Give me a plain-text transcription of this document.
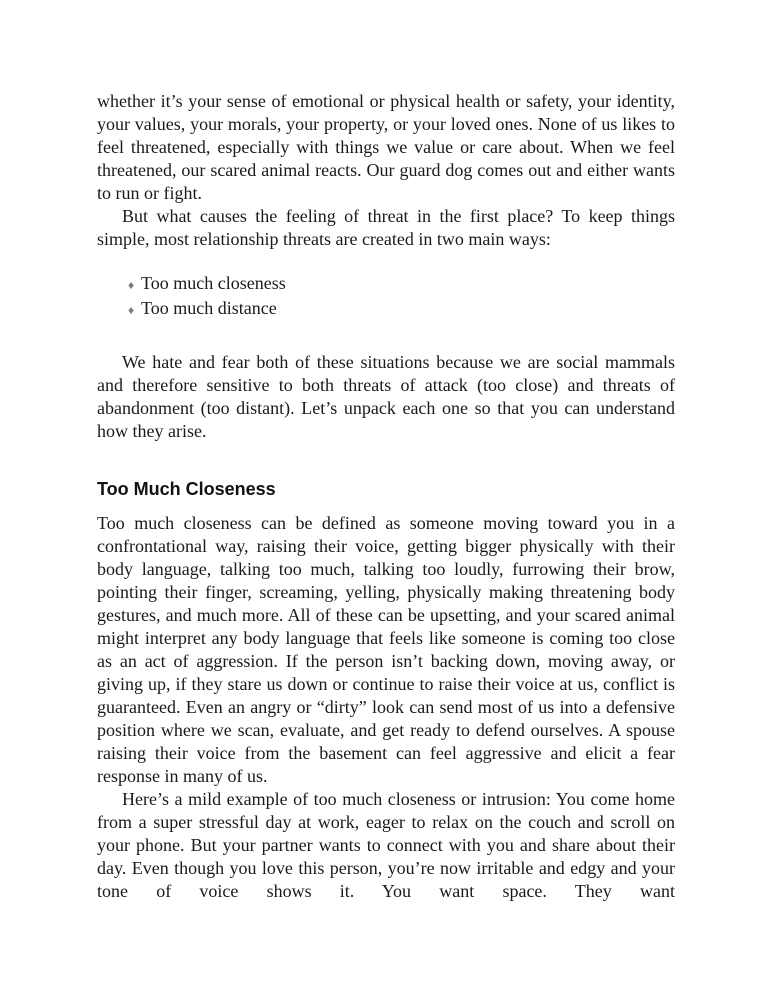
whether it’s your sense of emotional or physical health or safety, your identity, your values, your morals, your property, or your loved ones. None of us likes to feel threatened, especially with things we value or care about. When we feel threatened, our scared animal reacts. Our guard dog comes out and either wants to run or fight.

But what causes the feeling of threat in the first place? To keep things simple, most relationship threats are created in two main ways:

♦ Too much closeness
♦ Too much distance

We hate and fear both of these situations because we are social mammals and therefore sensitive to both threats of attack (too close) and threats of abandonment (too distant). Let’s unpack each one so that you can understand how they arise.

Too Much Closeness

Too much closeness can be defined as someone moving toward you in a confrontational way, raising their voice, getting bigger physically with their body language, talking too much, talking too loudly, furrowing their brow, pointing their finger, screaming, yelling, physically making threatening body gestures, and much more. All of these can be upsetting, and your scared animal might interpret any body language that feels like someone is coming too close as an act of aggression. If the person isn’t backing down, moving away, or giving up, if they stare us down or continue to raise their voice at us, conflict is guaranteed. Even an angry or “dirty” look can send most of us into a defensive position where we scan, evaluate, and get ready to defend ourselves. A spouse raising their voice from the basement can feel aggressive and elicit a fear response in many of us.

Here’s a mild example of too much closeness or intrusion: You come home from a super stressful day at work, eager to relax on the couch and scroll on your phone. But your partner wants to connect with you and share about their day. Even though you love this person, you’re now irritable and edgy and your tone of voice shows it. You want space. They want
